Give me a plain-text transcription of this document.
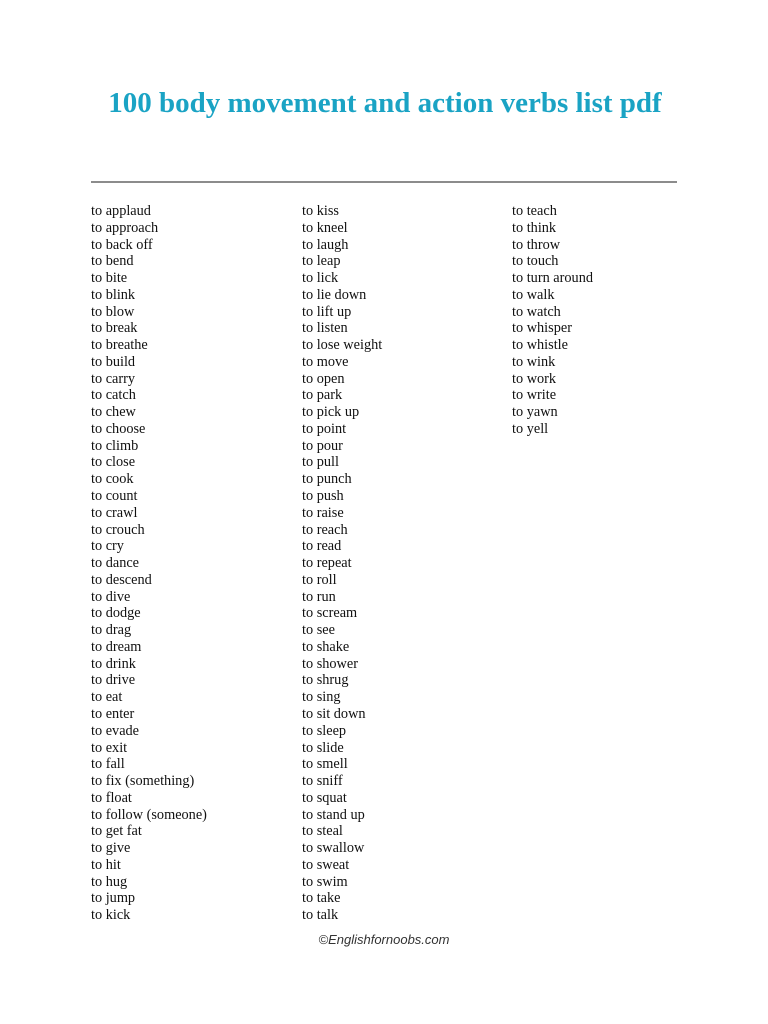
100 body movement and action verbs list pdf
to applaud
to approach
to back off
to bend
to bite
to blink
to blow
to break
to breathe
to build
to carry
to catch
to chew
to choose
to climb
to close
to cook
to count
to crawl
to crouch
to cry
to dance
to descend
to dive
to dodge
to drag
to dream
to drink
to drive
to eat
to enter
to evade
to exit
to fall
to fix (something)
to float
to follow (someone)
to get fat
to give
to hit
to hug
to jump
to kick
to kiss
to kneel
to laugh
to leap
to lick
to lie down
to lift up
to listen
to lose weight
to move
to open
to park
to pick up
to point
to pour
to pull
to punch
to push
to raise
to reach
to read
to repeat
to roll
to run
to scream
to see
to shake
to shower
to shrug
to sing
to sit down
to sleep
to slide
to smell
to sniff
to squat
to stand up
to steal
to swallow
to sweat
to swim
to take
to talk
to teach
to think
to throw
to touch
to turn around
to walk
to watch
to whisper
to whistle
to wink
to work
to write
to yawn
to yell
©Englishfornoobs.com
